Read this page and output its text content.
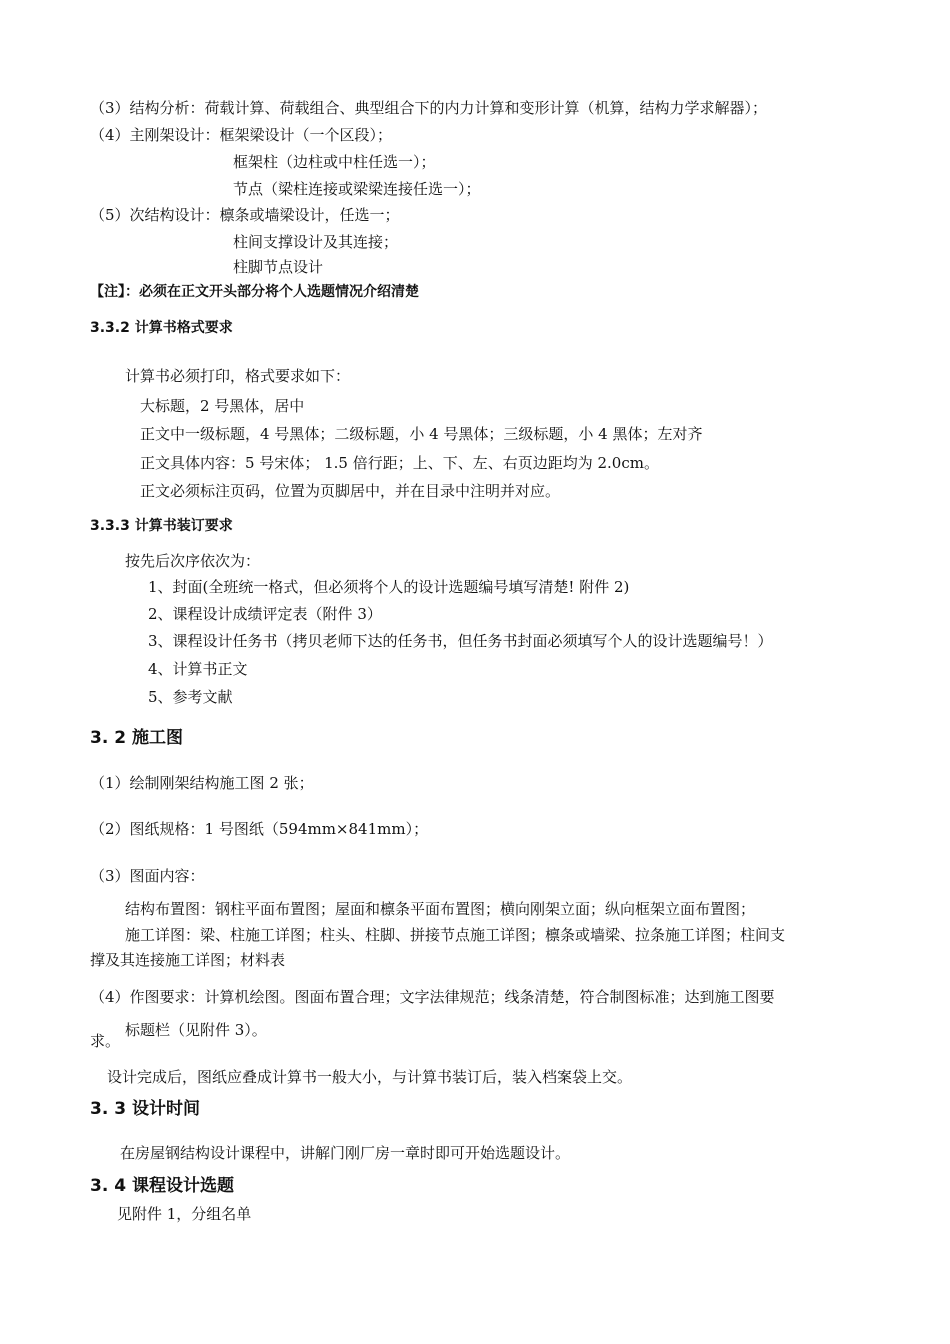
（3）结构分析：荷载计算、荷载组合、典型组合下的内力计算和变形计算（机算，结构力学求解器）；
（4）主刚架设计：框架梁设计（一个区段）；
框架柱（边柱或中柱任选一）；
节点（梁柱连接或梁梁连接任选一）；
（5）次结构设计：檩条或墙梁设计，任选一；
柱间支撑设计及其连接；
柱脚节点设计
【注】：必须在正文开头部分将个人选题情况介绍清楚
3.3.2 计算书格式要求
计算书必须打印，格式要求如下：
大标题，2 号黑体，居中
正文中一级标题，4 号黑体；二级标题，小 4 号黑体；三级标题，小 4 黑体；左对齐
正文具体内容：5 号宋体； 1.5 倍行距；上、下、左、右页边距均为 2.0cm。
正文必须标注页码，位置为页脚居中，并在目录中注明并对应。
3.3.3 计算书装订要求
按先后次序依次为：
1、封面(全班统一格式，但必须将个人的设计选题编号填写清楚! 附件 2)
2、课程设计成绩评定表（附件 3）
3、课程设计任务书（拷贝老师下达的任务书，但任务书封面必须填写个人的设计选题编号！）
4、计算书正文
5、参考文献
3. 2 施工图
（1）绘制刚架结构施工图 2 张；
（2）图纸规格：1 号图纸（594mm×841mm）；
（3）图面内容：
结构布置图：钢柱平面布置图；屋面和檩条平面布置图；横向刚架立面；纵向框架立面布置图；
施工详图：梁、柱施工详图；柱头、柱脚、拼接节点施工详图；檩条或墙梁、拉条施工详图；柱间支
撑及其连接施工详图；材料表
（4）作图要求：计算机绘图。图面布置合理；文字法律规范；线条清楚，符合制图标准；达到施工图要
标题栏（见附件 3）。
求。
设计完成后，图纸应叠成计算书一般大小，与计算书装订后，装入档案袋上交。
3. 3 设计时间
在房屋钢结构设计课程中，讲解门刚厂房一章时即可开始选题设计。
3. 4 课程设计选题
见附件 1，分组名单
